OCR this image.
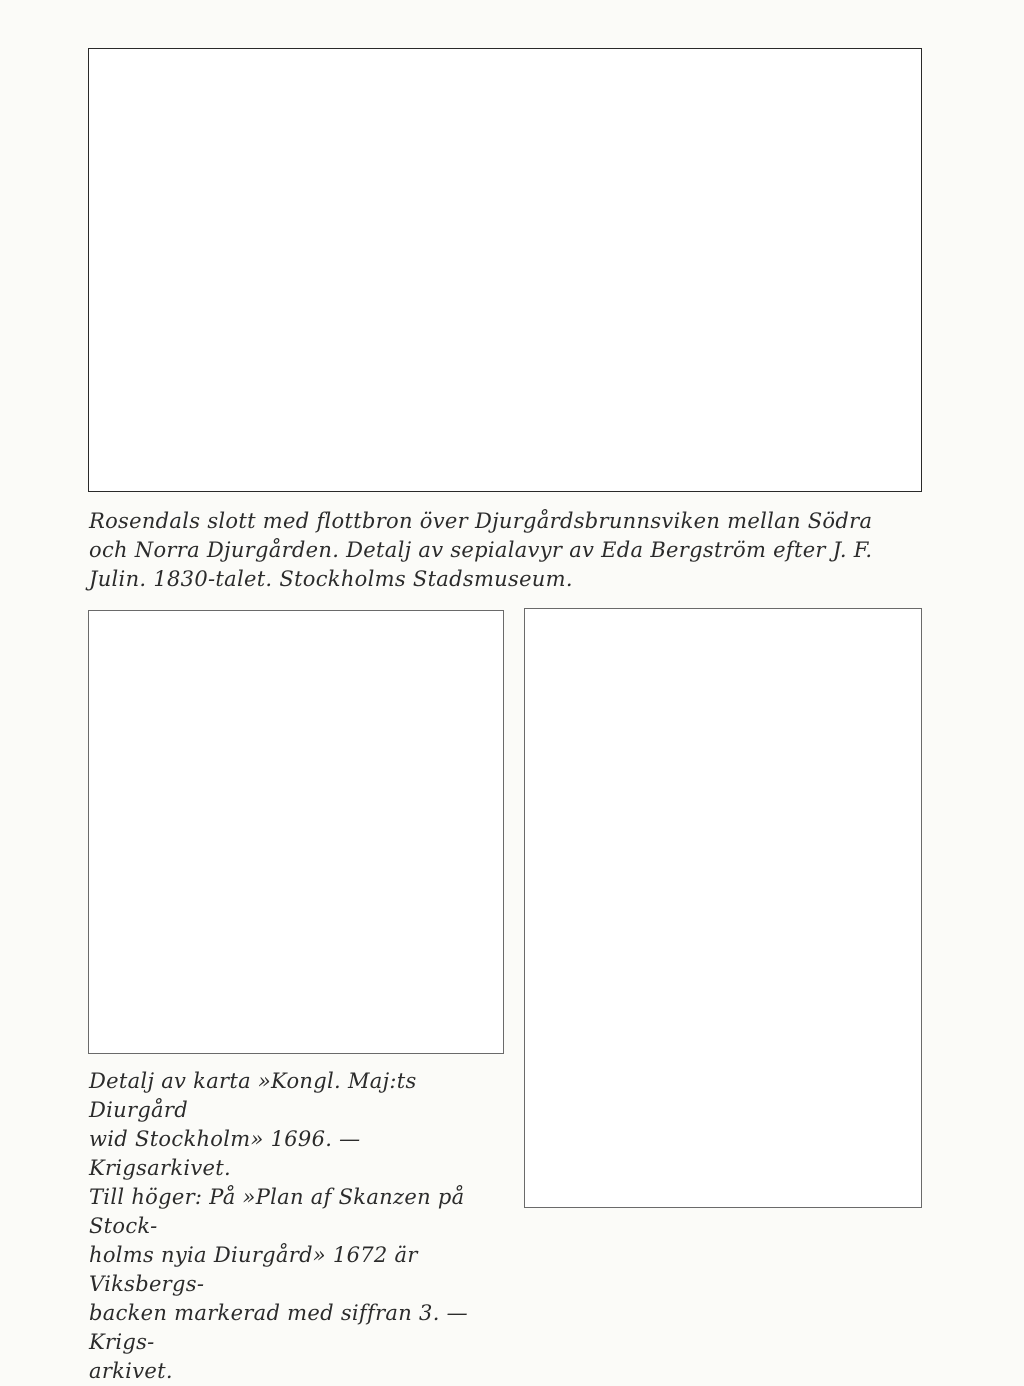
Rosendals slott med flottbron över Djurgårdsbrunnsviken mellan Södra
och Norra Djurgården. Detalj av sepialavyr av Eda Bergström efter J. F.
Julin. 1830-talet. Stockholms Stadsmuseum.
Detalj av karta »Kongl. Maj:ts Diurgård
wid Stockholm» 1696. — Krigsarkivet.
Till höger: På »Plan af Skanzen på Stock-
holms nyia Diurgård» 1672 är Viksbergs-
backen markerad med siffran 3. — Krigs-
arkivet.
